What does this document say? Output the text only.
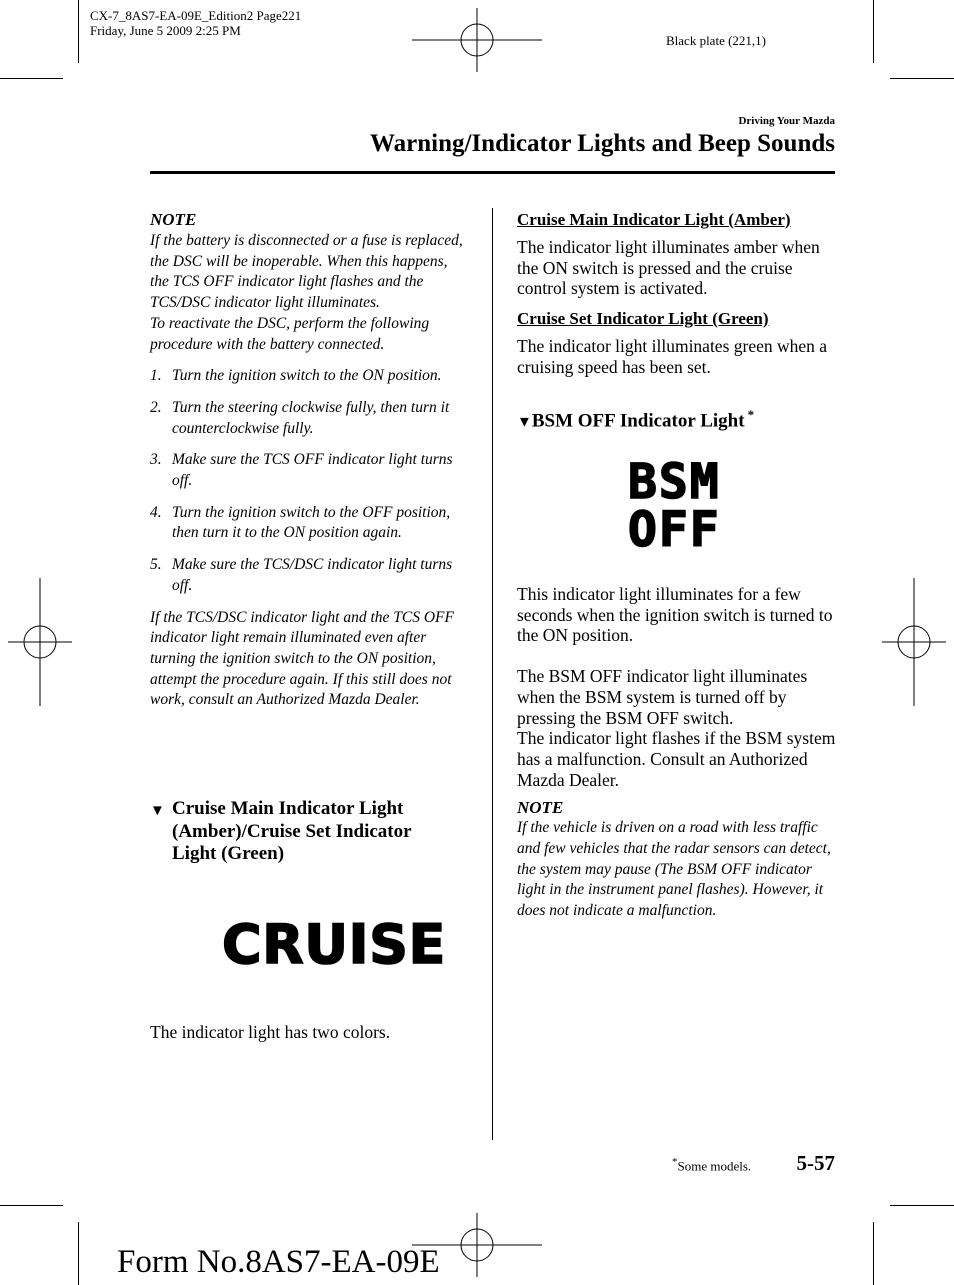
CX-7_8AS7-EA-09E_Edition2 Page221
Friday, June 5 2009 2:25 PM
Black plate (221,1)
Driving Your Mazda
Warning/Indicator Lights and Beep Sounds
NOTE
If the battery is disconnected or a fuse is replaced, the DSC will be inoperable. When this happens, the TCS OFF indicator light flashes and the TCS/DSC indicator light illuminates.
To reactivate the DSC, perform the following procedure with the battery connected.
1. Turn the ignition switch to the ON position.
2. Turn the steering clockwise fully, then turn it counterclockwise fully.
3. Make sure the TCS OFF indicator light turns off.
4. Turn the ignition switch to the OFF position, then turn it to the ON position again.
5. Make sure the TCS/DSC indicator light turns off.
If the TCS/DSC indicator light and the TCS OFF indicator light remain illuminated even after turning the ignition switch to the ON position, attempt the procedure again. If this still does not work, consult an Authorized Mazda Dealer.
▼ Cruise Main Indicator Light (Amber)/Cruise Set Indicator Light (Green)
CRUISE
The indicator light has two colors.
Cruise Main Indicator Light (Amber)
The indicator light illuminates amber when the ON switch is pressed and the cruise control system is activated.
Cruise Set Indicator Light (Green)
The indicator light illuminates green when a cruising speed has been set.
▼BSM OFF Indicator Light *
BSM
OFF
This indicator light illuminates for a few seconds when the ignition switch is turned to the ON position.
The BSM OFF indicator light illuminates when the BSM system is turned off by pressing the BSM OFF switch.
The indicator light flashes if the BSM system has a malfunction. Consult an Authorized Mazda Dealer.
NOTE
If the vehicle is driven on a road with less traffic and few vehicles that the radar sensors can detect, the system may pause (The BSM OFF indicator light in the instrument panel flashes). However, it does not indicate a malfunction.
*Some models. 5-57
Form No.8AS7-EA-09E
